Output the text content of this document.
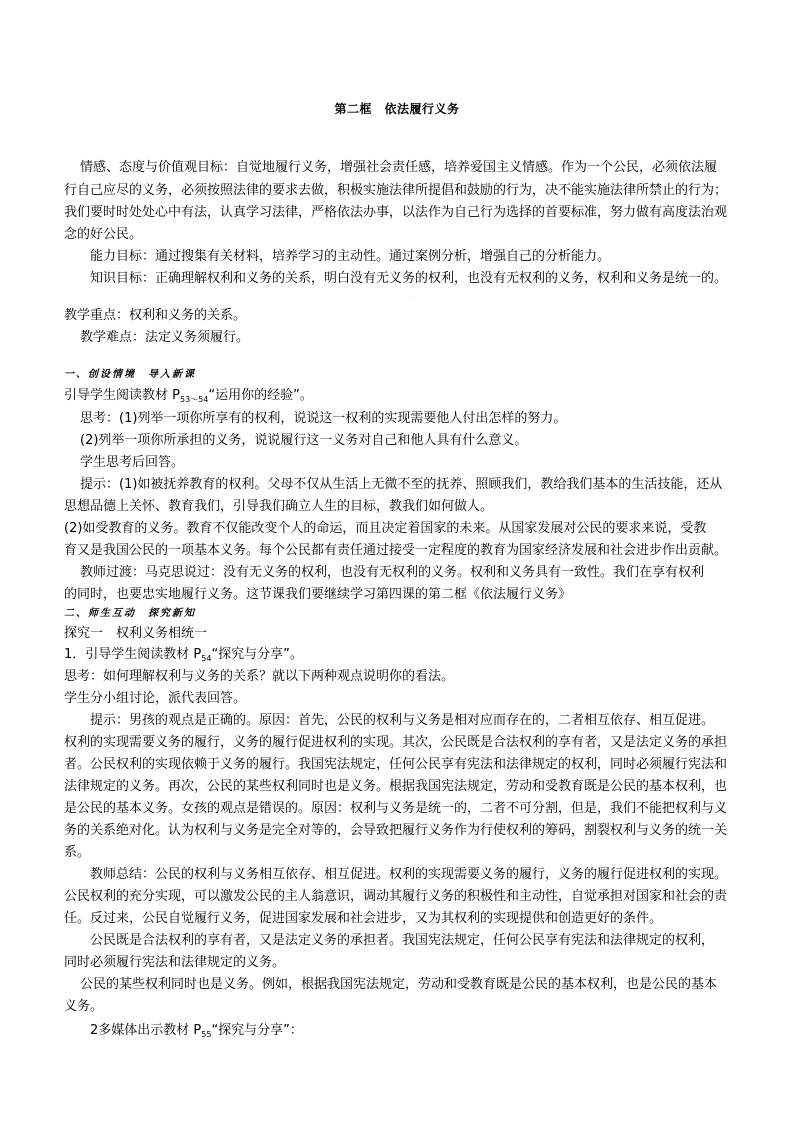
第二框　依法履行义务
情感、态度与价值观目标：自觉地履行义务，增强社会责任感，培养爱国主义情感。作为一个公民，必须依法履
行自己应尽的义务，必须按照法律的要求去做，积极实施法律所提倡和鼓励的行为，决不能实施法律所禁止的行为；
我们要时时处处心中有法，认真学习法律，严格依法办事，以法作为自己行为选择的首要标准，努力做有高度法治观
念的好公民。
能力目标：通过搜集有关材料，培养学习的主动性。通过案例分析，增强自己的分析能力。
知识目标：正确理解权利和义务的关系，明白没有无义务的权利，也没有无权利的义务，权利和义务是统一的。
·
教学重点：权利和义务的关系。
教学难点：法定义务须履行。
一、创设情境　导入新课
引导学生阅读教材 $P_{53\sim 54}“$运用你的经验”。
思考：(1)列举一项你所享有的权利，说说这一权利的实现需要他人付出怎样的努力。
(2)列举一项你所承担的义务，说说履行这一义务对自己和他人具有什么意义。
学生思考后回答。
提示：(1)如被抚养教育的权利。父母不仅从生活上无微不至的抚养、照顾我们，教给我们基本的生活技能，还从
思想品德上关怀、教育我们，引导我们确立人生的目标，教我们如何做人。
(2)如受教育的义务。教育不仅能改变个人的命运，而且决定着国家的未来。从国家发展对公民的要求来说，受教
育又是我国公民的一项基本义务。每个公民都有责任通过接受一定程度的教育为国家经济发展和社会进步作出贡献。
教师过渡：马克思说过：没有无义务的权利，也没有无权利的义务。权利和义务具有一致性。我们在享有权利
的同时，也要忠实地履行义务。这节课我们要继续学习第四课的第二框《依法履行义务》
二、师生互动　探究新知
探究一　权利义务相统一
1．引导学生阅读教材 $P_{54}“$探究与分享”。
思考：如何理解权利与义务的关系？就以下两种观点说明你的看法。
学生分小组讨论，派代表回答。
提示：男孩的观点是正确的。原因：首先，公民的权利与义务是相对应而存在的，二者相互依存、相互促进。
权利的实现需要义务的履行，义务的履行促进权利的实现。其次，公民既是合法权利的享有者，又是法定义务的承担
者。公民权利的实现依赖于义务的履行。我国宪法规定，任何公民享有宪法和法律规定的权利，同时必须履行宪法和
法律规定的义务。再次，公民的某些权利同时也是义务。根据我国宪法规定，劳动和受教育既是公民的基本权利，也
是公民的基本义务。女孩的观点是错误的。原因：权利与义务是统一的，二者不可分割，但是，我们不能把权利与义
务的关系绝对化。认为权利与义务是完全对等的，会导致把履行义务作为行使权利的筹码，割裂权利与义务的统一关
系。
教师总结：公民的权利与义务相互依存、相互促进。权利的实现需要义务的履行，义务的履行促进权利的实现。
公民权利的充分实现，可以激发公民的主人翁意识，调动其履行义务的积极性和主动性，自觉承担对国家和社会的责
任。反过来，公民自觉履行义务，促进国家发展和社会进步，又为其权利的实现提供和创造更好的条件。
公民既是合法权利的享有者，又是法定义务的承担者。我国宪法规定，任何公民享有宪法和法律规定的权利，
同时必须履行宪法和法律规定的义务。
公民的某些权利同时也是义务。例如，根据我国宪法规定，劳动和受教育既是公民的基本权利，也是公民的基本
义务。
2多媒体出示教材 $P_{55}“$探究与分享”：
